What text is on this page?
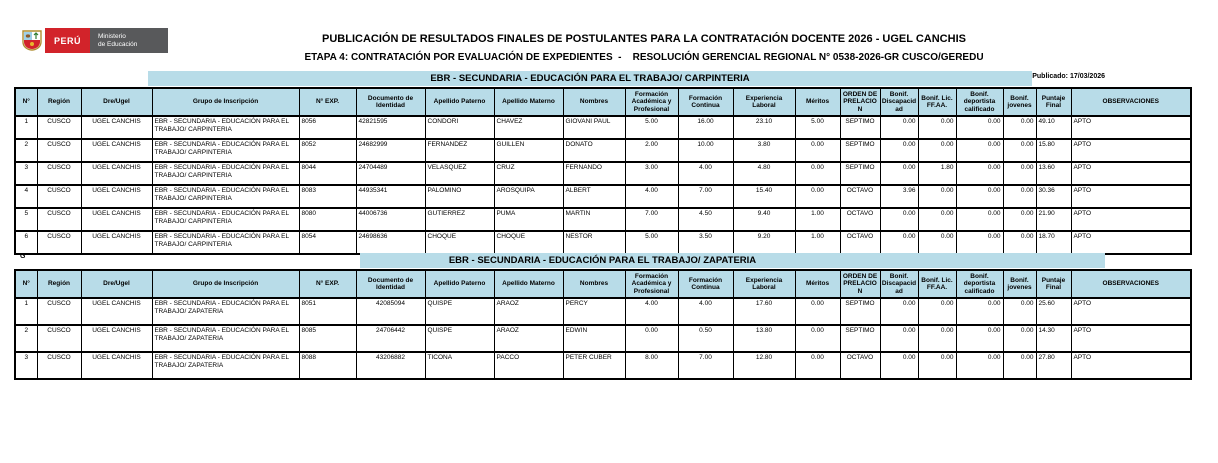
PERÚ	Ministerio
de Educación	PUBLICACIÓN DE RESULTADOS FINALES DE POSTULANTES PARA LA CONTRATACIÓN DOCENTE 2026 - UGEL CANCHIS
ETAPA 4: CONTRATACIÓN POR EVALUACIÓN DE EXPEDIENTES  -    RESOLUCIÓN GERENCIAL REGIONAL N° 0538-2026-GR CUSCO/GEREDU
Publicado: 17/03/2026
EBR - SECUNDARIA - EDUCACIÓN PARA EL TRABAJO/ CARPINTERIA
N°	Región	Dre/Ugel	Grupo de Inscripción	N° EXP.	Documento de Identidad	Apellido Paterno	Apellido Materno	Nombres	Formación Académica y Profesional	Formación Continua	Experiencia Laboral	Méritos	ORDEN DE PRELACION	Bonif. Discapacidad	Bonif. Lic. FF.AA.	Bonif. deportista calificado	Bonif. jovenes	Puntaje Final	OBSERVACIONES
1	CUSCO	UGEL CANCHIS	EBR - SECUNDARIA - EDUCACIÓN PARA EL TRABAJO/ CARPINTERIA	8056	42821595	CONDORI	CHAVEZ	GIOVANI PAUL	5.00	16.00	23.10	5.00	SEPTIMO	0.00	0.00	0.00	0.00	49.10	APTO
2	CUSCO	UGEL CANCHIS	EBR - SECUNDARIA - EDUCACIÓN PARA EL TRABAJO/ CARPINTERIA	8052	24682999	FERNANDEZ	GUILLEN	DONATO	2.00	10.00	3.80	0.00	SEPTIMO	0.00	0.00	0.00	0.00	15.80	APTO
3	CUSCO	UGEL CANCHIS	EBR - SECUNDARIA - EDUCACIÓN PARA EL TRABAJO/ CARPINTERIA	8044	24704489	VELASQUEZ	CRUZ	FERNANDO	3.00	4.00	4.80	0.00	SEPTIMO	0.00	1.80	0.00	0.00	13.60	APTO
4	CUSCO	UGEL CANCHIS	EBR - SECUNDARIA - EDUCACIÓN PARA EL TRABAJO/ CARPINTERIA	8083	44935341	PALOMINO	AROSQUIPA	ALBERT	4.00	7.00	15.40	0.00	OCTAVO	3.96	0.00	0.00	0.00	30.36	APTO
5	CUSCO	UGEL CANCHIS	EBR - SECUNDARIA - EDUCACIÓN PARA EL TRABAJO/ CARPINTERIA	8080	44006736	GUTIERREZ	PUMA	MARTIN	7.00	4.50	9.40	1.00	OCTAVO	0.00	0.00	0.00	0.00	21.90	APTO
6	CUSCO	UGEL CANCHIS	EBR - SECUNDARIA - EDUCACIÓN PARA EL TRABAJO/ CARPINTERIA	8054	24698636	CHOQUE	CHOQUE	NESTOR	5.00	3.50	9.20	1.00	OCTAVO	0.00	0.00	0.00	0.00	18.70	APTO
G	EBR - SECUNDARIA - EDUCACIÓN PARA EL TRABAJO/ ZAPATERIA
N°	Región	Dre/Ugel	Grupo de Inscripción	N° EXP.	Documento de Identidad	Apellido Paterno	Apellido Materno	Nombres	Formación Académica y Profesional	Formación Continua	Experiencia Laboral	Méritos	ORDEN DE PRELACION	Bonif. Discapacidad	Bonif. Lic. FF.AA.	Bonif. deportista calificado	Bonif. jovenes	Puntaje Final	OBSERVACIONES
1	CUSCO	UGEL CANCHIS	EBR - SECUNDARIA - EDUCACIÓN PARA EL TRABAJO/ ZAPATERIA	8051	42085094	QUISPE	ARAOZ	PERCY	4.00	4.00	17.60	0.00	SEPTIMO	0.00	0.00	0.00	0.00	25.60	APTO
2	CUSCO	UGEL CANCHIS	EBR - SECUNDARIA - EDUCACIÓN PARA EL TRABAJO/ ZAPATERIA	8085	24706442	QUISPE	ARAOZ	EDWIN	0.00	0.50	13.80	0.00	SEPTIMO	0.00	0.00	0.00	0.00	14.30	APTO
3	CUSCO	UGEL CANCHIS	EBR - SECUNDARIA - EDUCACIÓN PARA EL TRABAJO/ ZAPATERIA	8088	43206882	TICONA	PACCO	PETER CUBER	8.00	7.00	12.80	0.00	OCTAVO	0.00	0.00	0.00	0.00	27.80	APTO
